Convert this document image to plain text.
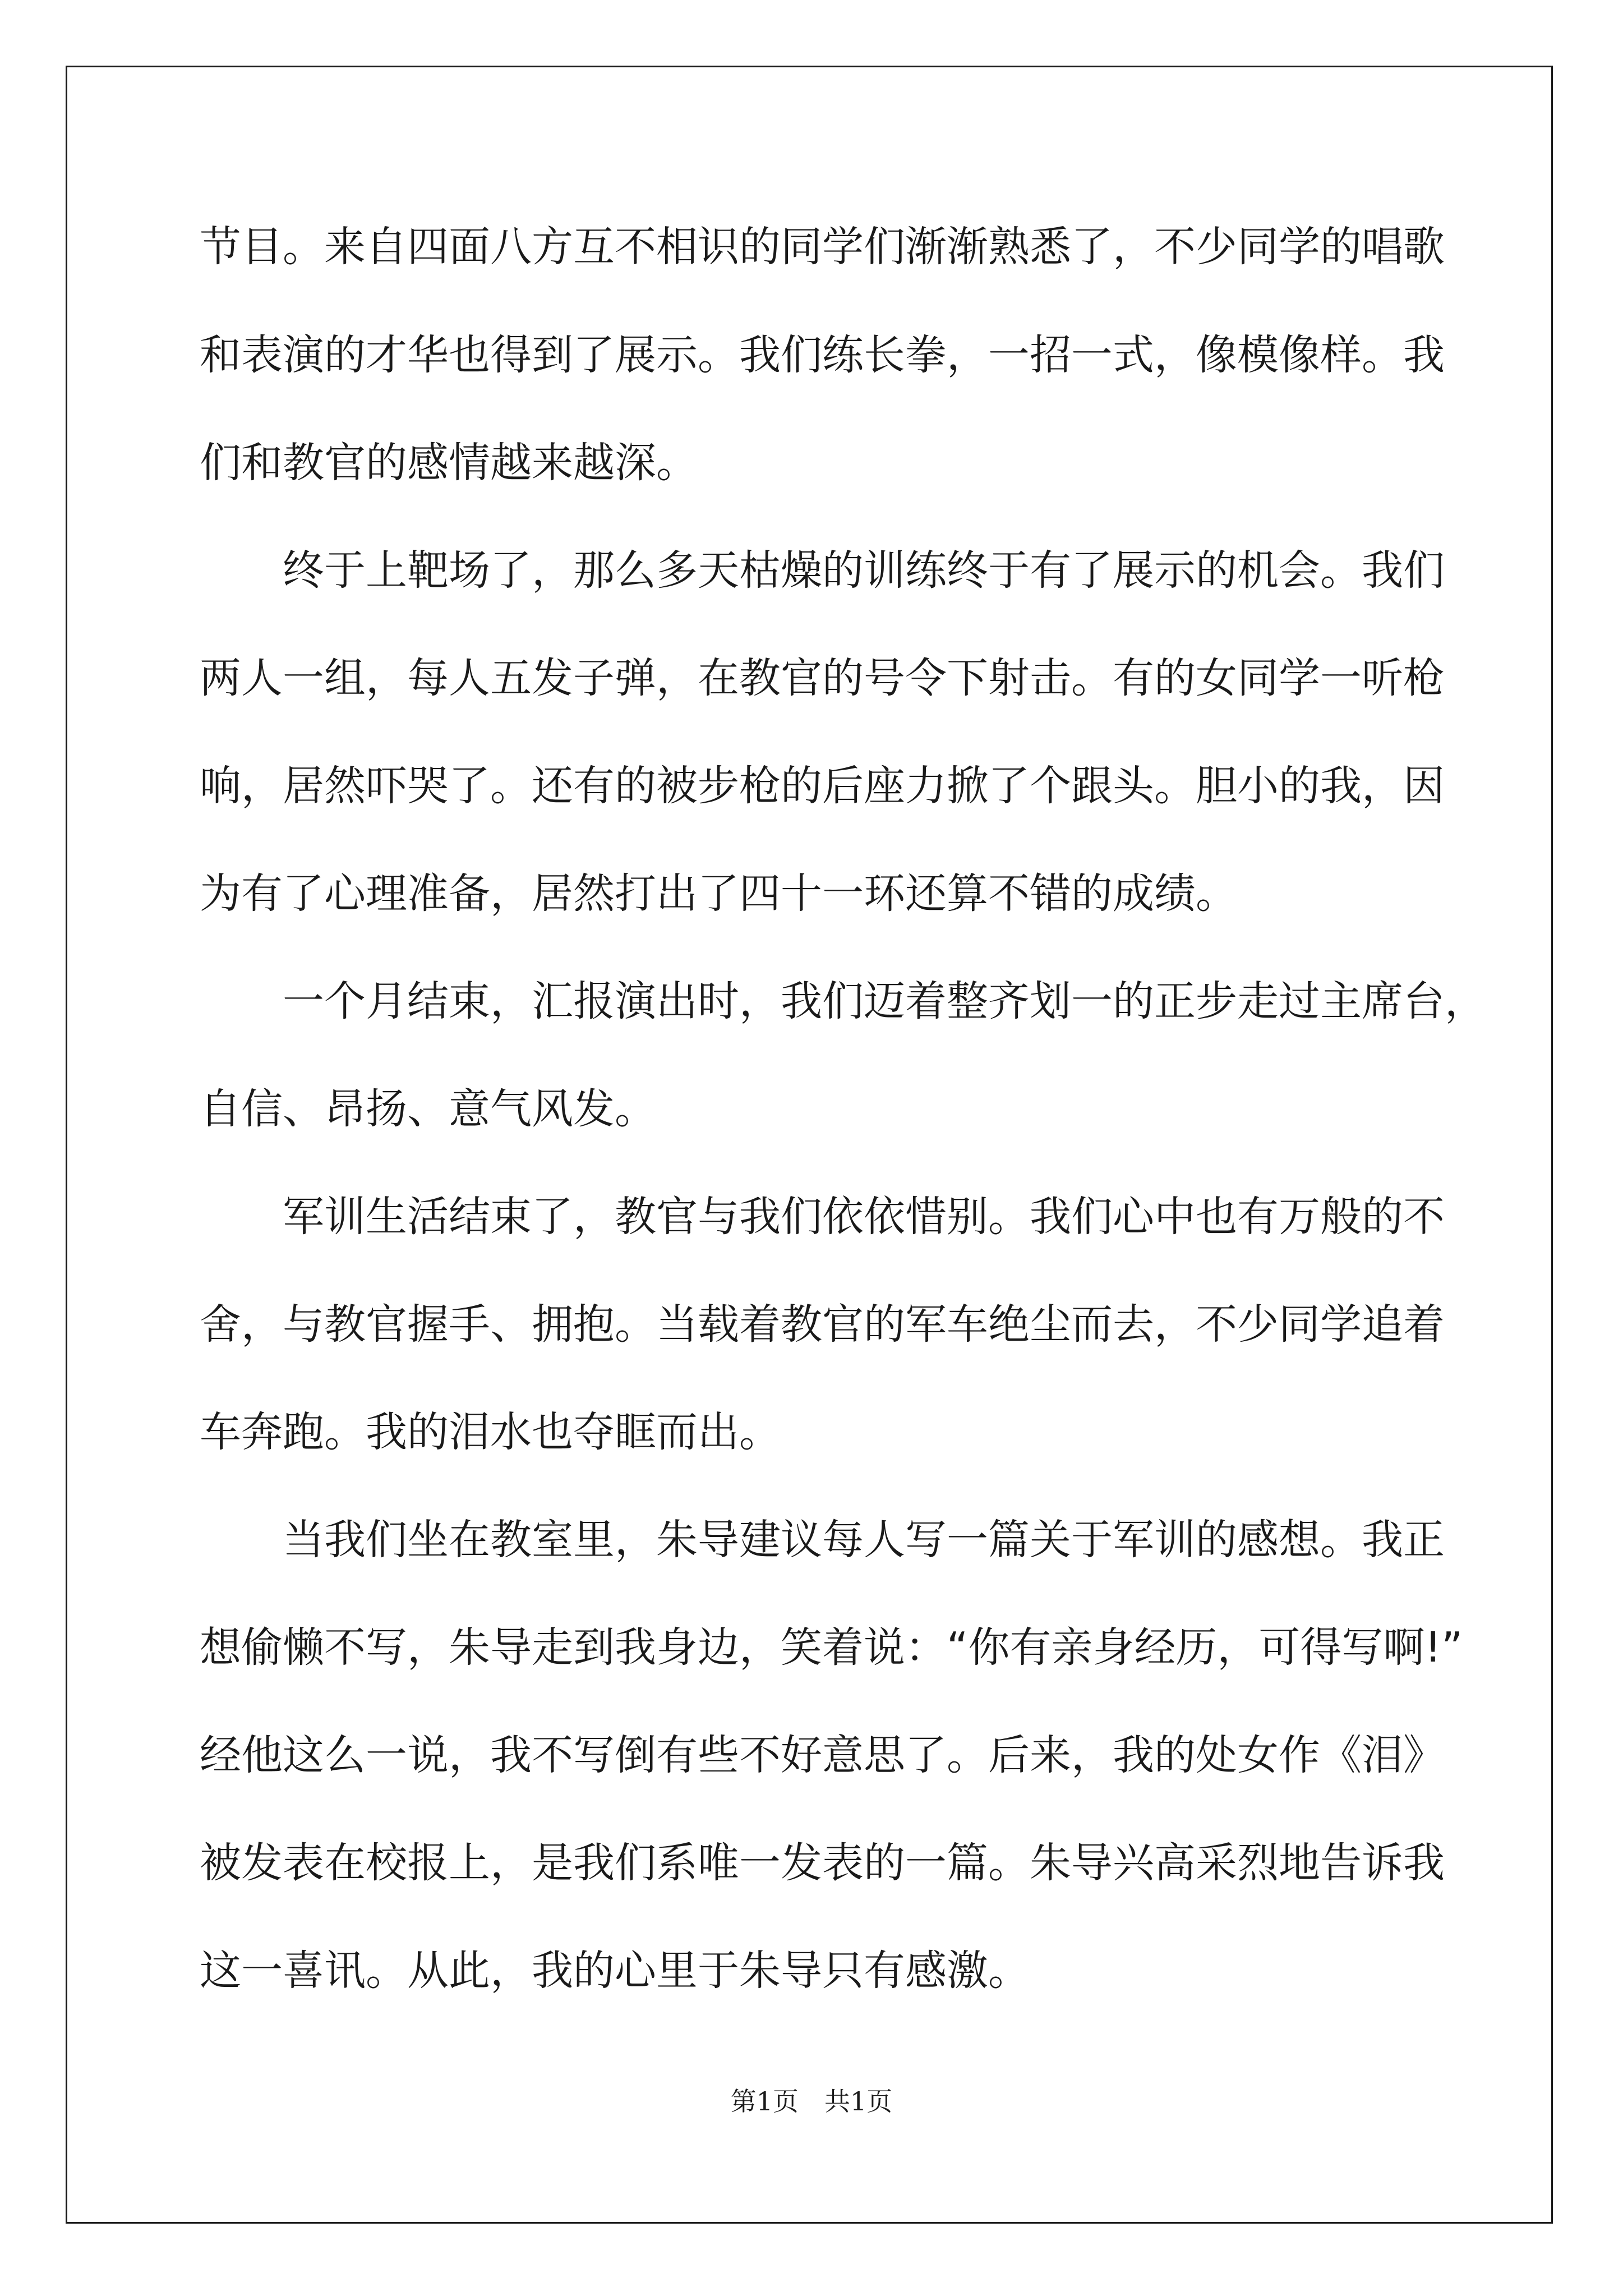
节目。来自四面八方互不相识的同学们渐渐熟悉了，不少同学的唱歌
和表演的才华也得到了展示。我们练长拳，一招一式，像模像样。我
们和教官的感情越来越深。
　　终于上靶场了，那么多天枯燥的训练终于有了展示的机会。我们
两人一组，每人五发子弹，在教官的号令下射击。有的女同学一听枪
响，居然吓哭了。还有的被步枪的后座力掀了个跟头。胆小的我，因
为有了心理准备，居然打出了四十一环还算不错的成绩。
　　一个月结束，汇报演出时，我们迈着整齐划一的正步走过主席台，
自信、昂扬、意气风发。
　　军训生活结束了，教官与我们依依惜别。我们心中也有万般的不
舍，与教官握手、拥抱。当载着教官的军车绝尘而去，不少同学追着
车奔跑。我的泪水也夺眶而出。
　　当我们坐在教室里，朱导建议每人写一篇关于军训的感想。我正
想偷懒不写，朱导走到我身边，笑着说：“你有亲身经历，可得写啊!”
经他这么一说，我不写倒有些不好意思了。后来，我的处女作《泪》
被发表在校报上，是我们系唯一发表的一篇。朱导兴高采烈地告诉我
这一喜讯。从此，我的心里于朱导只有感激。
第1页　共1页
